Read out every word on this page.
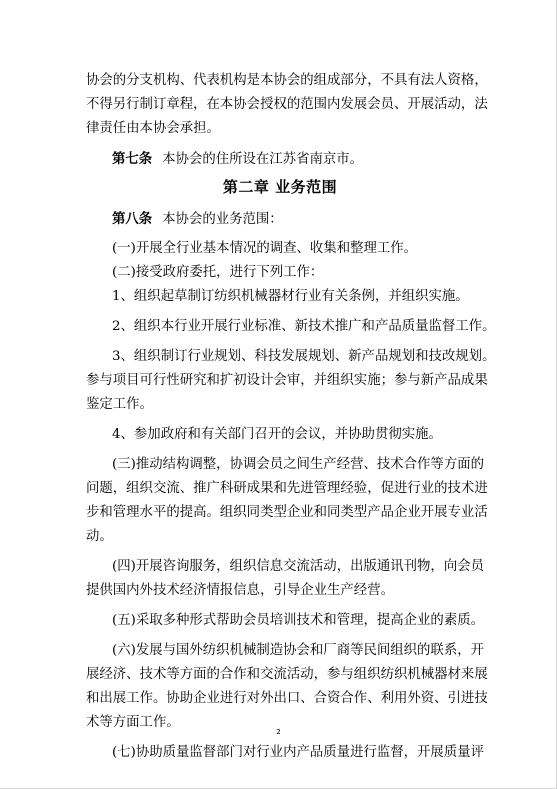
协会的分支机构、代表机构是本协会的组成部分，不具有法人资格，
不得另行制订章程，在本协会授权的范围内发展会员、开展活动，法
律责任由本协会承担。
第七条 本协会的住所设在江苏省南京市。
第二章 业务范围
第八条 本协会的业务范围：
(一)开展全行业基本情况的调查、收集和整理工作。
(二)接受政府委托，进行下列工作：
1、组织起草制订纺织机械器材行业有关条例，并组织实施。
2、组织本行业开展行业标准、新技术推广和产品质量监督工作。
3、组织制订行业规划、科技发展规划、新产品规划和技改规划。
参与项目可行性研究和扩初设计会审，并组织实施；参与新产品成果
鉴定工作。
4、参加政府和有关部门召开的会议，并协助贯彻实施。
(三)推动结构调整，协调会员之间生产经营、技术合作等方面的
问题，组织交流、推广科研成果和先进管理经验，促进行业的技术进
步和管理水平的提高。组织同类型企业和同类型产品企业开展专业活
动。
(四)开展咨询服务，组织信息交流活动，出版通讯刊物，向会员
提供国内外技术经济情报信息，引导企业生产经营。
(五)采取多种形式帮助会员培训技术和管理，提高企业的素质。
(六)发展与国外纺织机械制造协会和厂商等民间组织的联系，开
展经济、技术等方面的合作和交流活动，参与组织纺织机械器材来展
和出展工作。协助企业进行对外出口、合资合作、利用外资、引进技
术等方面工作。
(七)协助质量监督部门对行业内产品质量进行监督，开展质量评
2
